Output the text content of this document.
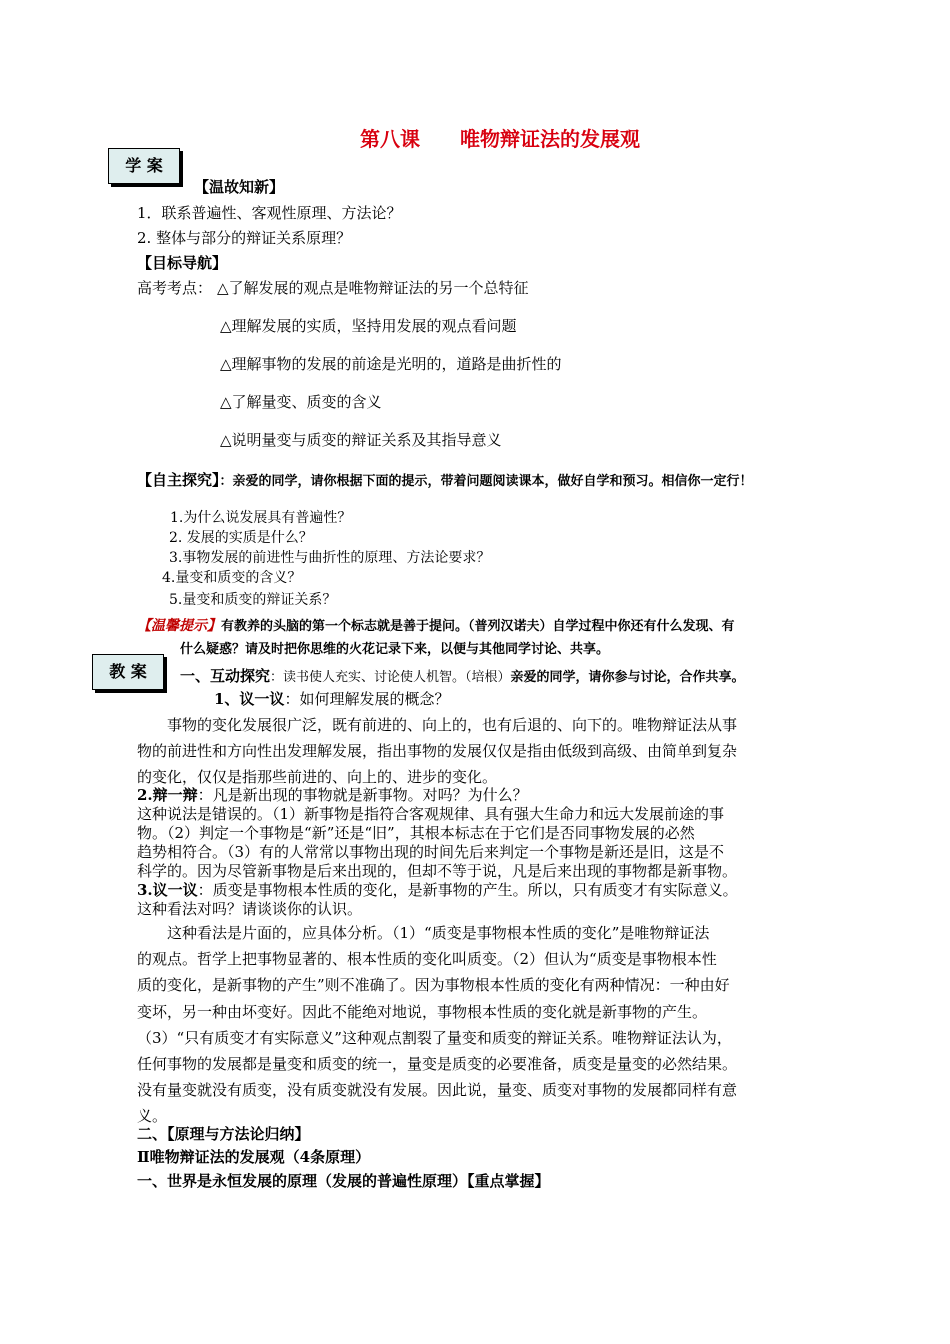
第八课　　唯物辩证法的发展观
学 案
【温故知新】
1．联系普遍性、客观性原理、方法论？
2. 整体与部分的辩证关系原理？
【目标导航】
高考考点： △了解发展的观点是唯物辩证法的另一个总特征
△理解发展的实质，坚持用发展的观点看问题
△理解事物的发展的前途是光明的，道路是曲折性的
△了解量变、质变的含义
△说明量变与质变的辩证关系及其指导意义
【自主探究】：亲爱的同学，请你根据下面的提示，带着问题阅读课本，做好自学和预习。相信你一定行！
1.为什么说发展具有普遍性？
2. 发展的实质是什么？
3.事物发展的前进性与曲折性的原理、方法论要求？
4.量变和质变的含义？
5.量变和质变的辩证关系？
【温馨提示】有教养的头脑的第一个标志就是善于提问。（普列汉诺夫）自学过程中你还有什么发现、有
什么疑惑？请及时把你思维的火花记录下来，以便与其他同学讨论、共享。
教 案	一、互动探究：读书使人充实、讨论使人机智。（培根）亲爱的同学，请你参与讨论，合作共享。
1、议一议：如何理解发展的概念？

事物的变化发展很广泛，既有前进的、向上的，也有后退的、向下的。唯物辩证法从事

物的前进性和方向性出发理解发展，指出事物的发展仅仅是指由低级到高级、由简单到复杂

的变化，仅仅是指那些前进的、向上的、进步的变化。

2.辩一辩：凡是新出现的事物就是新事物。对吗？为什么？

这种说法是错误的。（1）新事物是指符合客观规律、具有强大生命力和远大发展前途的事

物。（2）判定一个事物是“新”还是“旧”，其根本标志在于它们是否同事物发展的必然

趋势相符合。（3）有的人常常以事物出现的时间先后来判定一个事物是新还是旧，这是不

科学的。因为尽管新事物是后来出现的，但却不等于说，凡是后来出现的事物都是新事物。

3.议一议：质变是事物根本性质的变化，是新事物的产生。所以，只有质变才有实际意义。

这种看法对吗？请谈谈你的认识。

这种看法是片面的，应具体分析。（1）“质变是事物根本性质的变化”是唯物辩证法

的观点。哲学上把事物显著的、根本性质的变化叫质变。（2）但认为“质变是事物根本性

质的变化，是新事物的产生”则不准确了。因为事物根本性质的变化有两种情况：一种由好

变坏，另一种由坏变好。因此不能绝对地说，事物根本性质的变化就是新事物的产生。

（3）“只有质变才有实际意义”这种观点割裂了量变和质变的辩证关系。唯物辩证法认为，

任何事物的发展都是量变和质变的统一，量变是质变的必要准备，质变是量变的必然结果。

没有量变就没有质变，没有质变就没有发展。因此说，量变、质变对事物的发展都同样有意

义。

二、【原理与方法论归纳】
Ⅱ唯物辩证法的发展观（4条原理）
一、世界是永恒发展的原理（发展的普遍性原理）【重点掌握】
